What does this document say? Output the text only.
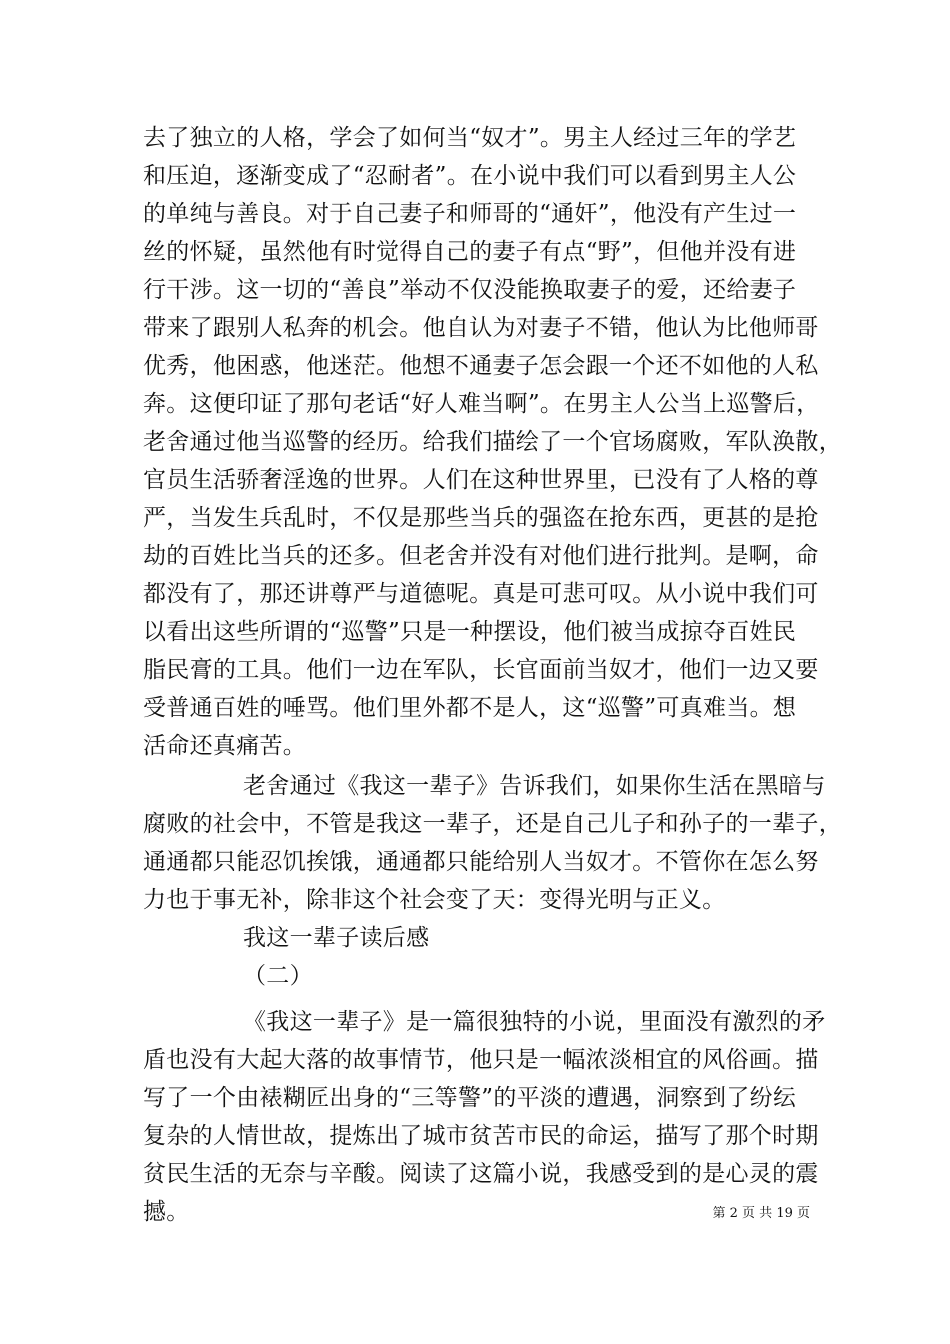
去了独立的人格，学会了如何当“奴才”。男主人经过三年的学艺
和压迫，逐渐变成了“忍耐者”。在小说中我们可以看到男主人公
的单纯与善良。对于自己妻子和师哥的“通奸”，他没有产生过一
丝的怀疑，虽然他有时觉得自己的妻子有点“野”，但他并没有进
行干涉。这一切的“善良”举动不仅没能换取妻子的爱，还给妻子
带来了跟别人私奔的机会。他自认为对妻子不错，他认为比他师哥
优秀，他困惑，他迷茫。他想不通妻子怎会跟一个还不如他的人私
奔。这便印证了那句老话“好人难当啊”。在男主人公当上巡警后，
老舍通过他当巡警的经历。给我们描绘了一个官场腐败，军队涣散，
官员生活骄奢淫逸的世界。人们在这种世界里，已没有了人格的尊
严，当发生兵乱时，不仅是那些当兵的强盗在抢东西，更甚的是抢
劫的百姓比当兵的还多。但老舍并没有对他们进行批判。是啊，命
都没有了，那还讲尊严与道德呢。真是可悲可叹。从小说中我们可
以看出这些所谓的“巡警”只是一种摆设，他们被当成掠夺百姓民
脂民膏的工具。他们一边在军队，长官面前当奴才，他们一边又要
受普通百姓的唾骂。他们里外都不是人，这“巡警”可真难当。想
活命还真痛苦。
老舍通过《我这一辈子》告诉我们，如果你生活在黑暗与
腐败的社会中，不管是我这一辈子，还是自己儿子和孙子的一辈子，
通通都只能忍饥挨饿，通通都只能给别人当奴才。不管你在怎么努
力也于事无补，除非这个社会变了天：变得光明与正义。
我这一辈子读后感
（二）
《我这一辈子》是一篇很独特的小说，里面没有激烈的矛
盾也没有大起大落的故事情节，他只是一幅浓淡相宜的风俗画。描
写了一个由裱糊匠出身的“三等警”的平淡的遭遇，洞察到了纷纭
复杂的人情世故，提炼出了城市贫苦市民的命运，描写了那个时期
贫民生活的无奈与辛酸。阅读了这篇小说，我感受到的是心灵的震
撼。	第 2 页 共 19 页
